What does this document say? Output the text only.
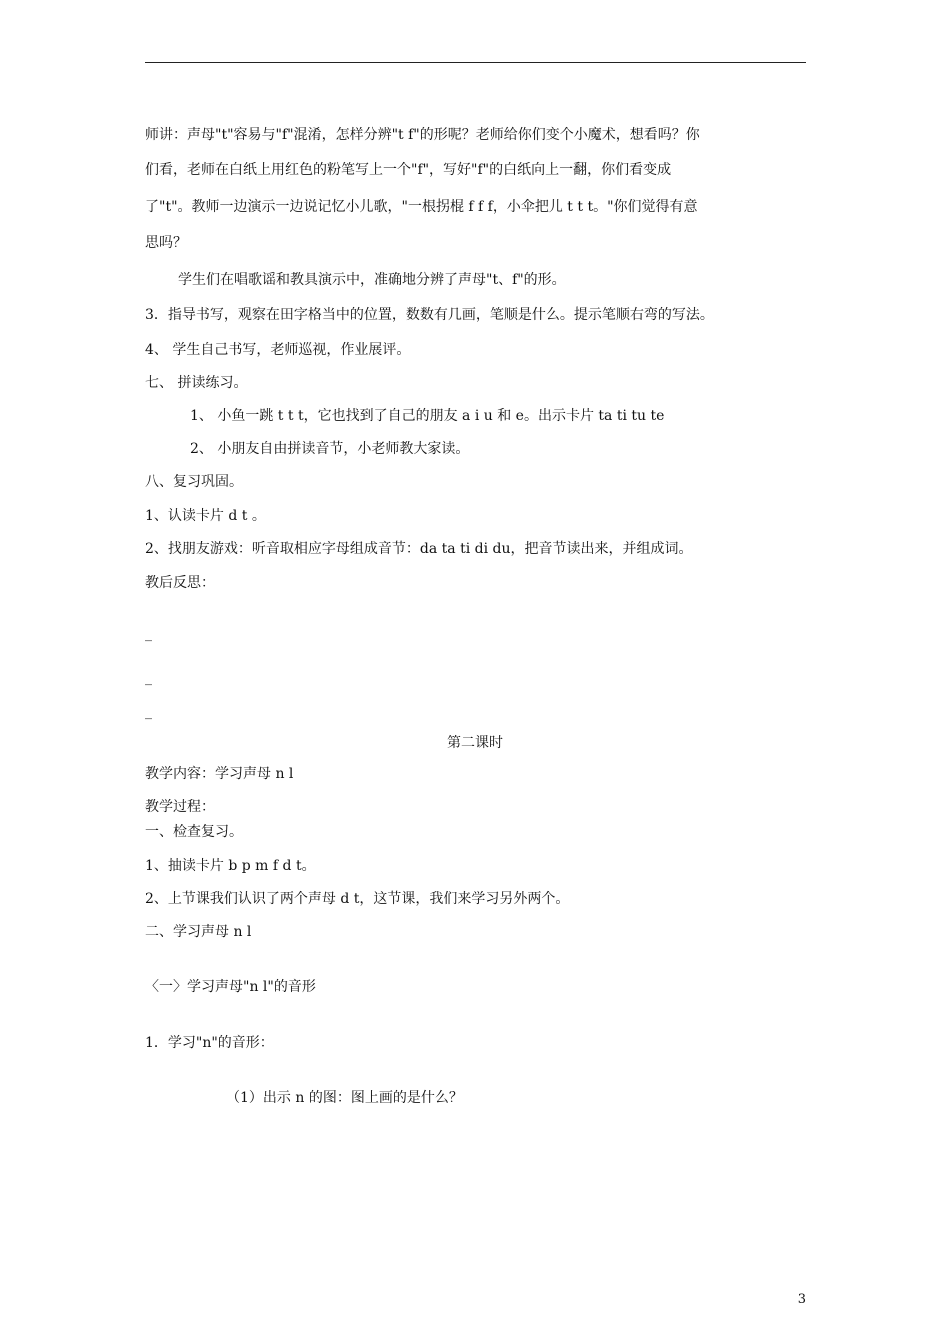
师讲：声母"t"容易与"f"混淆，怎样分辨"t f"的形呢？老师给你们变个小魔术，想看吗？你
们看，老师在白纸上用红色的粉笔写上一个"f"，写好"f"的白纸向上一翻，你们看变成
了"t"。教师一边演示一边说记忆小儿歌，"一根拐棍 f f f，小伞把儿 t t t。"你们觉得有意
思吗？
学生们在唱歌谣和教具演示中，准确地分辨了声母"t、f"的形。
3．指导书写，观察在田字格当中的位置，数数有几画，笔顺是什么。提示笔顺右弯的写法。
4、 学生自己书写，老师巡视，作业展评。
七、 拼读练习。
1、 小鱼一跳 t t t，它也找到了自己的朋友 a i u 和 e。出示卡片 ta ti tu te
2、 小朋友自由拼读音节，小老师教大家读。
八、复习巩固。
1、认读卡片 d t 。
2、找朋友游戏：听音取相应字母组成音节：da ta ti di du，把音节读出来，并组成词。
教后反思：
_
_
_
第二课时
教学内容：学习声母 n l
教学过程：
一、检查复习。
1、抽读卡片 b p m f d t。
2、上节课我们认识了两个声母 d t，这节课，我们来学习另外两个。
二、学习声母 n l
〈一〉学习声母"n l"的音形
1．学习"n"的音形：
（1）出示 n 的图：图上画的是什么？
3
